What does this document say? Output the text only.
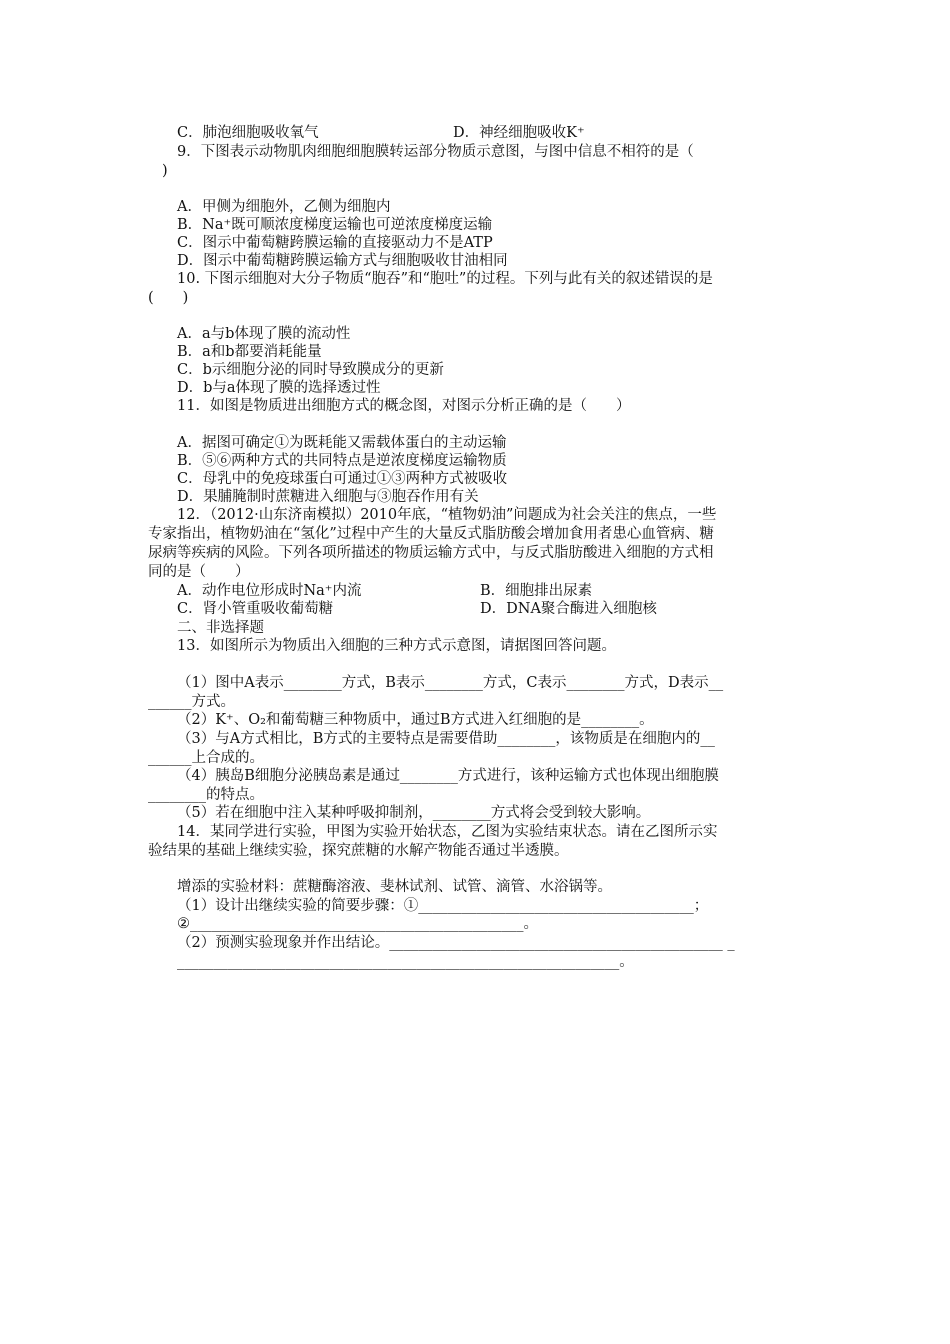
C．肺泡细胞吸收氧气	D．神经细胞吸收K⁺
9．下图表示动物肌肉细胞细胞膜转运部分物质示意图，与图中信息不相符的是（
)
A．甲侧为细胞外，乙侧为细胞内
B．Na⁺既可顺浓度梯度运输也可逆浓度梯度运输
C．图示中葡萄糖跨膜运输的直接驱动力不是ATP
D．图示中葡萄糖跨膜运输方式与细胞吸收甘油相同
10. 下图示细胞对大分子物质“胞吞”和“胞吐”的过程。下列与此有关的叙述错误的是
(　　)
A．a与b体现了膜的流动性
B．a和b都要消耗能量
C．b示细胞分泌的同时导致膜成分的更新
D．b与a体现了膜的选择透过性
11．如图是物质进出细胞方式的概念图，对图示分析正确的是（　　）
A．据图可确定①为既耗能又需载体蛋白的主动运输
B．⑤⑥两种方式的共同特点是逆浓度梯度运输物质
C．母乳中的免疫球蛋白可通过①③两种方式被吸收
D．果脯腌制时蔗糖进入细胞与③胞吞作用有关
12．（2012·山东济南模拟）2010年底，“植物奶油”问题成为社会关注的焦点，一些
专家指出，植物奶油在“氢化”过程中产生的大量反式脂肪酸会增加食用者患心血管病、糖
尿病等疾病的风险。下列各项所描述的物质运输方式中，与反式脂肪酸进入细胞的方式相
同的是（　　）
A．动作电位形成时Na⁺内流	B．细胞排出尿素
C．肾小管重吸收葡萄糖	D．DNA聚合酶进入细胞核
二、非选择题
13．如图所示为物质出入细胞的三种方式示意图，请据图回答问题。
（1）图中A表示________方式，B表示________方式，C表示________方式，D表示__
______方式。
（2）K⁺、O₂和葡萄糖三种物质中，通过B方式进入红细胞的是________。
（3）与A方式相比，B方式的主要特点是需要借助________，该物质是在细胞内的__
______上合成的。
（4）胰岛B细胞分泌胰岛素是通过________方式进行，该种运输方式也体现出细胞膜
________的特点。
（5）若在细胞中注入某种呼吸抑制剂，________方式将会受到较大影响。
14．某同学进行实验，甲图为实验开始状态，乙图为实验结束状态。请在乙图所示实
验结果的基础上继续实验，探究蔗糖的水解产物能否通过半透膜。
增添的实验材料：蔗糖酶溶液、斐林试剂、试管、滴管、水浴锅等。
（1）设计出继续实验的简要步骤：①______________________________________；
②______________________________________________。
（2）预测实验现象并作出结论。______________________________________________ _
_____________________________________________________________。
